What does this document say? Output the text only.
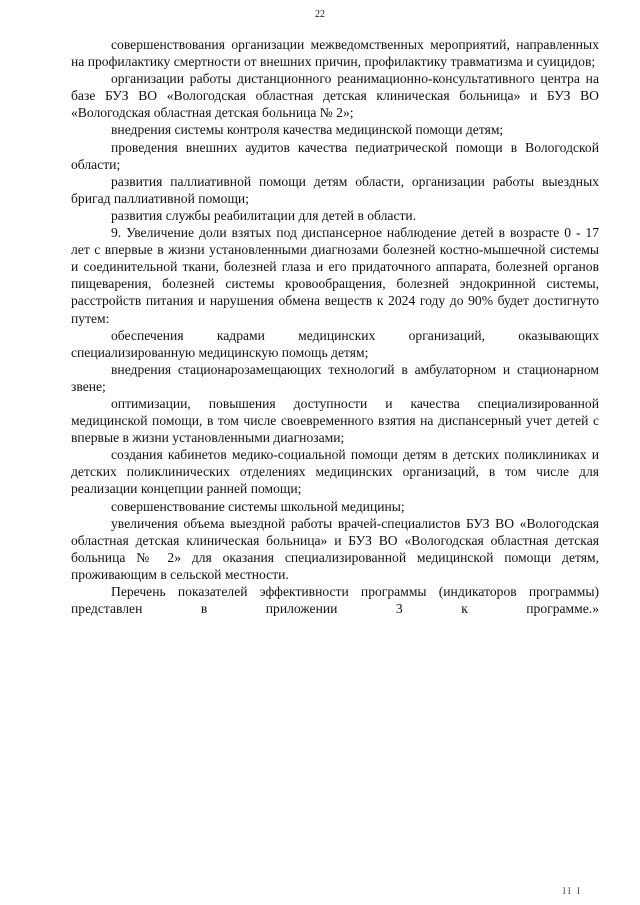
22

совершенствования организации межведомственных мероприятий, направленных на профилактику смертности от внешних причин, профилактику травматизма и суицидов;

организации работы дистанционного реанимационно-консультативного центра на базе БУЗ ВО «Вологодская областная детская клиническая больница» и БУЗ ВО «Вологодская областная детская больница № 2»;

внедрения системы контроля качества медицинской помощи детям;

проведения внешних аудитов качества педиатрической помощи в Вологодской области;

развития паллиативной помощи детям области, организации работы выездных бригад паллиативной помощи;

развития службы реабилитации для детей в области.

9. Увеличение доли взятых под диспансерное наблюдение детей в возрасте 0 - 17 лет с впервые в жизни установленными диагнозами болезней костно-мышечной системы и соединительной ткани, болезней глаза и его придаточного аппарата, болезней органов пищеварения, болезней системы кровообращения, болезней эндокринной системы, расстройств питания и нарушения обмена веществ к 2024 году до 90% будет достигнуто путем:

обеспечения кадрами медицинских организаций, оказывающих специализированную медицинскую помощь детям;

внедрения стационарозамещающих технологий в амбулаторном и стационарном звене;

оптимизации, повышения доступности и качества специализированной медицинской помощи, в том числе своевременного взятия на диспансерный учет детей с впервые в жизни установленными диагнозами;

создания кабинетов медико-социальной помощи детям в детских поликлиниках и детских поликлинических отделениях медицинских организаций, в том числе для реализации концепции ранней помощи;

совершенствование системы школьной медицины;

увеличения объема выездной работы врачей-специалистов БУЗ ВО «Вологодская областная детская клиническая больница» и БУЗ ВО «Вологодская областная детская больница № 2» для оказания специализированной медицинской помощи детям, проживающим в сельской местности.

Перечень показателей эффективности программы (индикаторов программы) представлен в приложении 3 к программе.»

II I
